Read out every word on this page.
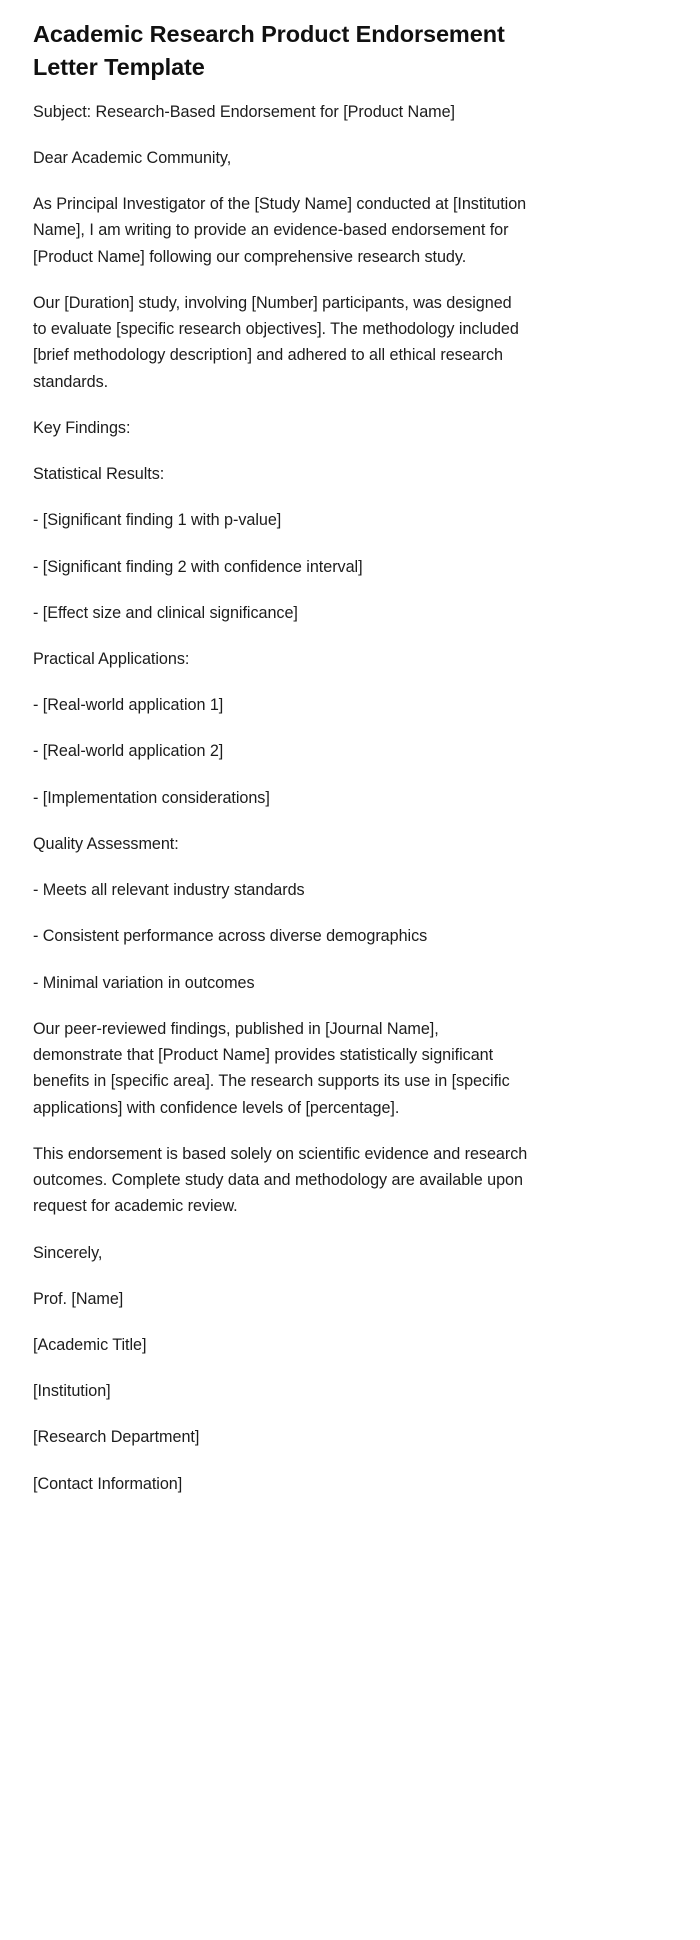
Academic Research Product Endorsement Letter Template

Subject: Research-Based Endorsement for [Product Name]

Dear Academic Community,

As Principal Investigator of the [Study Name] conducted at [Institution Name], I am writing to provide an evidence-based endorsement for [Product Name] following our comprehensive research study.

Our [Duration] study, involving [Number] participants, was designed to evaluate [specific research objectives]. The methodology included [brief methodology description] and adhered to all ethical research standards.

Key Findings:

Statistical Results:

- [Significant finding 1 with p-value]

- [Significant finding 2 with confidence interval]

- [Effect size and clinical significance]

Practical Applications:

- [Real-world application 1]

- [Real-world application 2]

- [Implementation considerations]

Quality Assessment:

- Meets all relevant industry standards

- Consistent performance across diverse demographics

- Minimal variation in outcomes

Our peer-reviewed findings, published in [Journal Name], demonstrate that [Product Name] provides statistically significant benefits in [specific area]. The research supports its use in [specific applications] with confidence levels of [percentage].

This endorsement is based solely on scientific evidence and research outcomes. Complete study data and methodology are available upon request for academic review.

Sincerely,

Prof. [Name]

[Academic Title]

[Institution]

[Research Department]

[Contact Information]
